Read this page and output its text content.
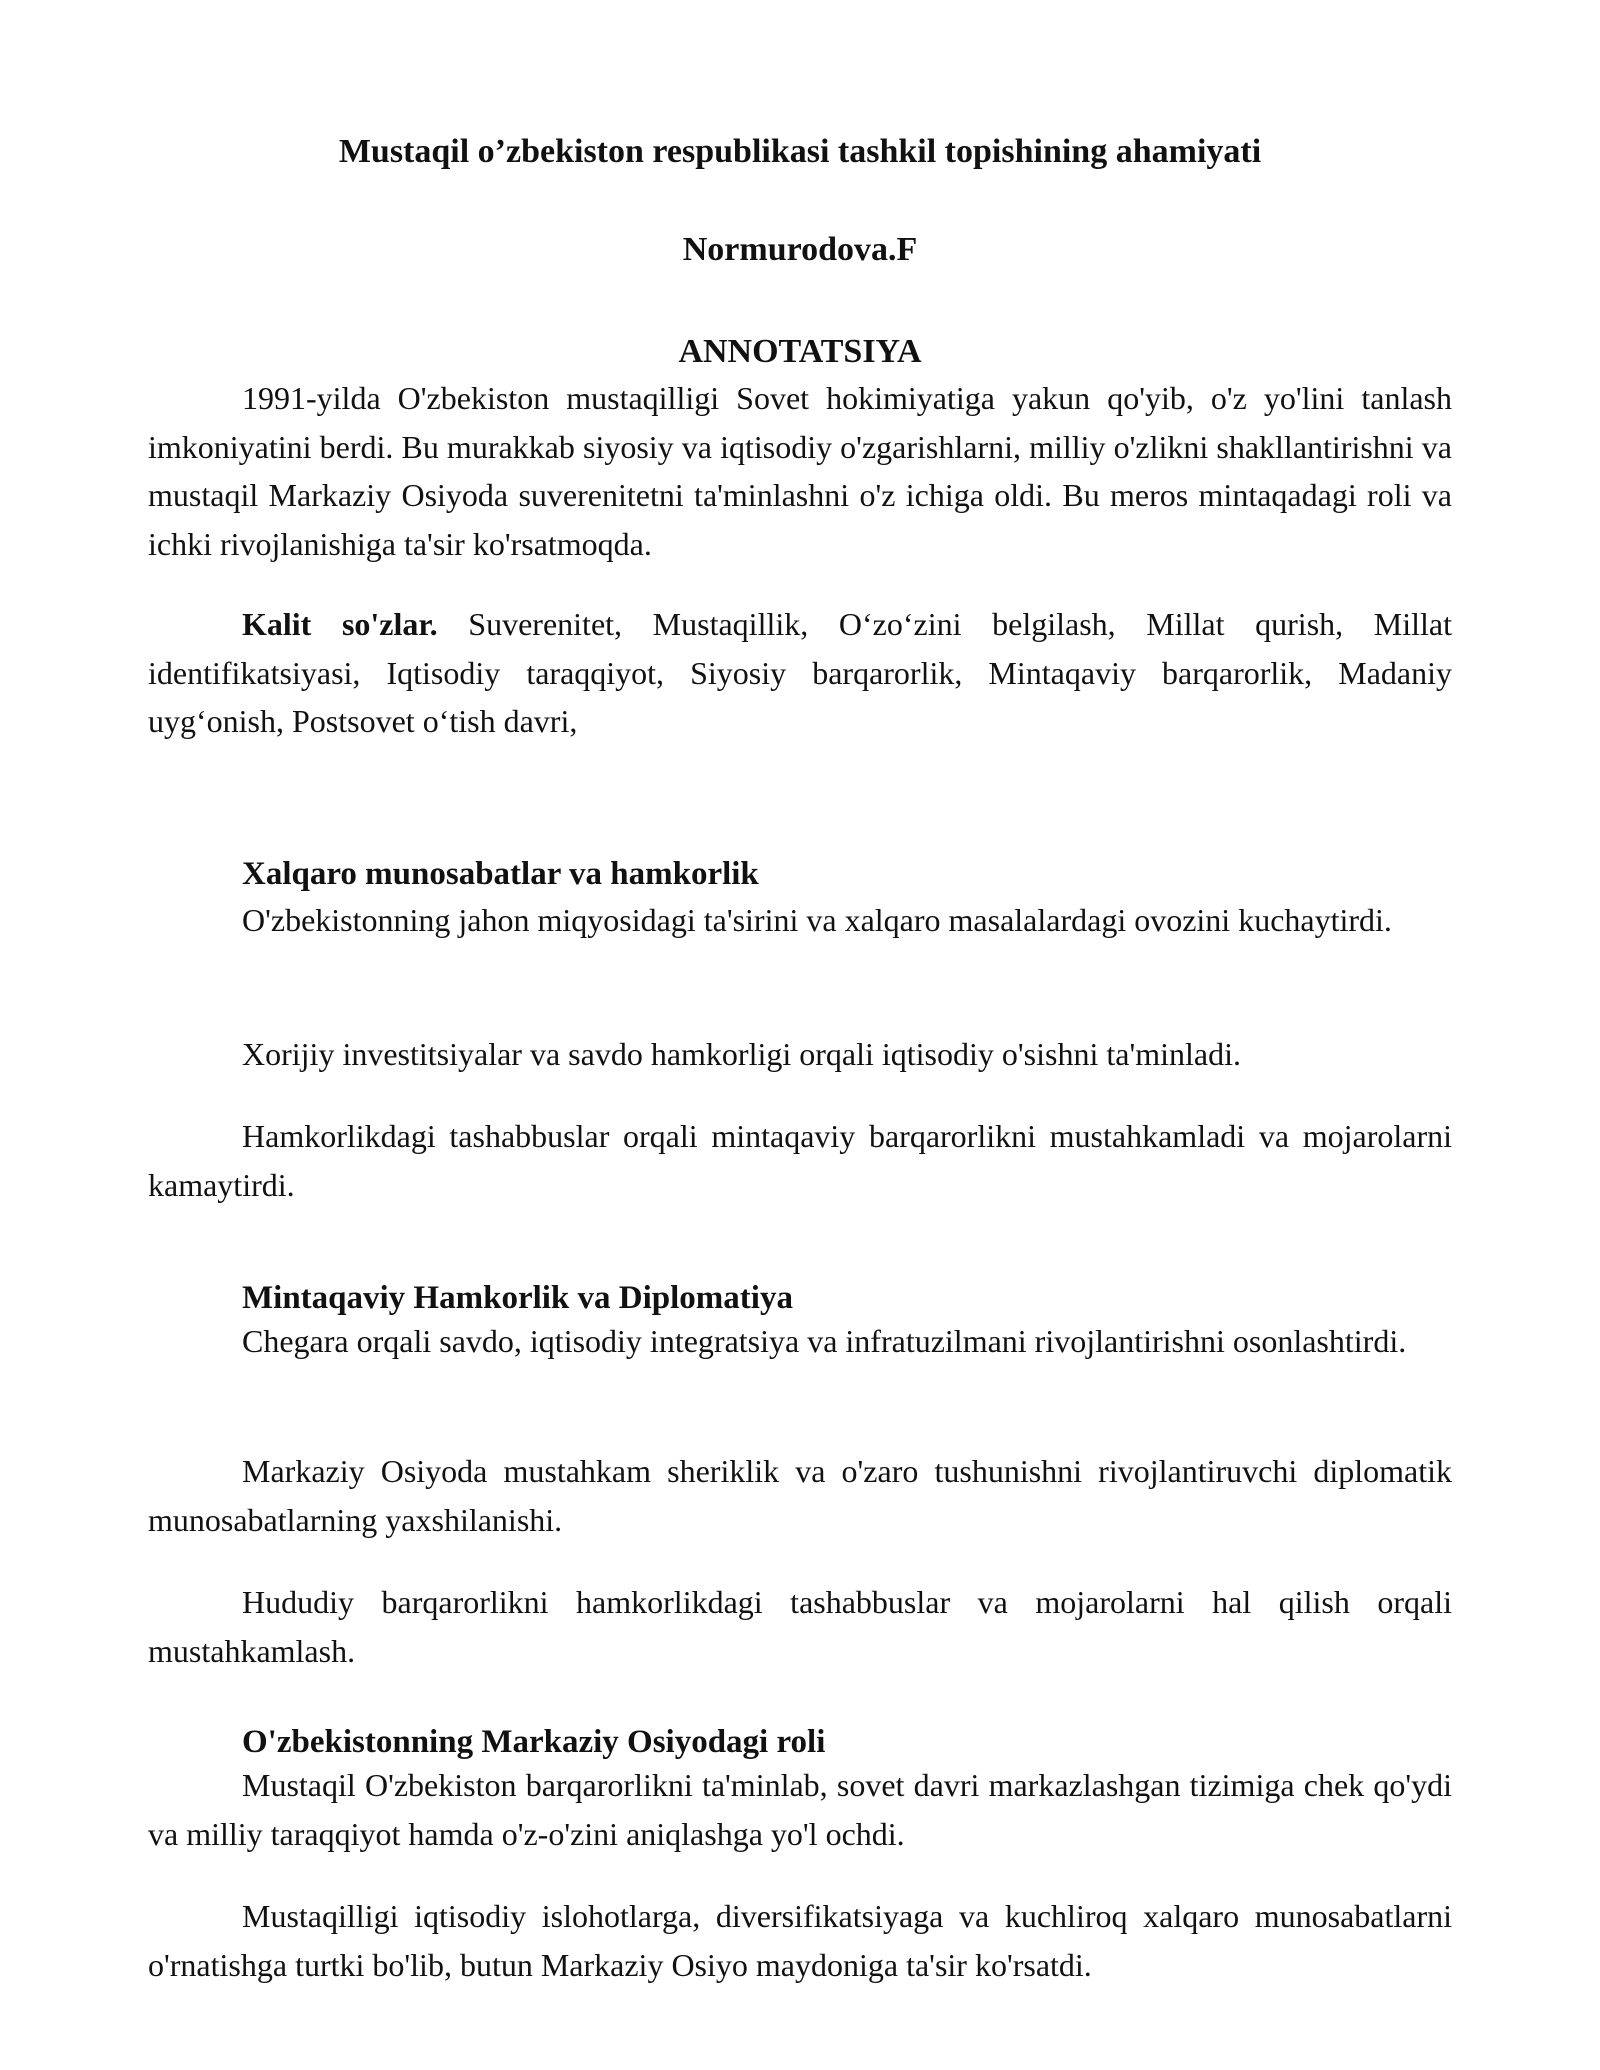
Mustaqil o’zbekiston respublikasi tashkil topishining ahamiyati
Normurodova.F
ANNOTATSIYA

1991-yilda O'zbekiston mustaqilligi Sovet hokimiyatiga yakun qo'yib, o'z yo'lini tanlash imkoniyatini berdi. Bu murakkab siyosiy va iqtisodiy o'zgarishlarni, milliy o'zlikni shakllantirishni va mustaqil Markaziy Osiyoda suverenitetni ta'minlashni o'z ichiga oldi. Bu meros mintaqadagi roli va ichki rivojlanishiga ta'sir ko'rsatmoqda.

Kalit so'zlar. Suverenitet, Mustaqillik, O‘zo‘zini belgilash, Millat qurish, Millat identifikatsiyasi, Iqtisodiy taraqqiyot, Siyosiy barqarorlik, Mintaqaviy barqarorlik, Madaniy uyg‘onish, Postsovet o‘tish davri,

Xalqaro munosabatlar va hamkorlik

O'zbekistonning jahon miqyosidagi ta'sirini va xalqaro masalalardagi ovozini kuchaytirdi.

Xorijiy investitsiyalar va savdo hamkorligi orqali iqtisodiy o'sishni ta'minladi.

Hamkorlikdagi tashabbuslar orqali mintaqaviy barqarorlikni mustahkamladi va mojarolarni kamaytirdi.

Mintaqaviy Hamkorlik va Diplomatiya

Chegara orqali savdo, iqtisodiy integratsiya va infratuzilmani rivojlantirishni osonlashtirdi.

Markaziy Osiyoda mustahkam sheriklik va o'zaro tushunishni rivojlantiruvchi diplomatik munosabatlarning yaxshilanishi.

Hududiy barqarorlikni hamkorlikdagi tashabbuslar va mojarolarni hal qilish orqali mustahkamlash.

O'zbekistonning Markaziy Osiyodagi roli

Mustaqil O'zbekiston barqarorlikni ta'minlab, sovet davri markazlashgan tizimiga chek qo'ydi va milliy taraqqiyot hamda o'z-o'zini aniqlashga yo'l ochdi.

Mustaqilligi iqtisodiy islohotlarga, diversifikatsiyaga va kuchliroq xalqaro munosabatlarni o'rnatishga turtki bo'lib, butun Markaziy Osiyo maydoniga ta'sir ko'rsatdi.
